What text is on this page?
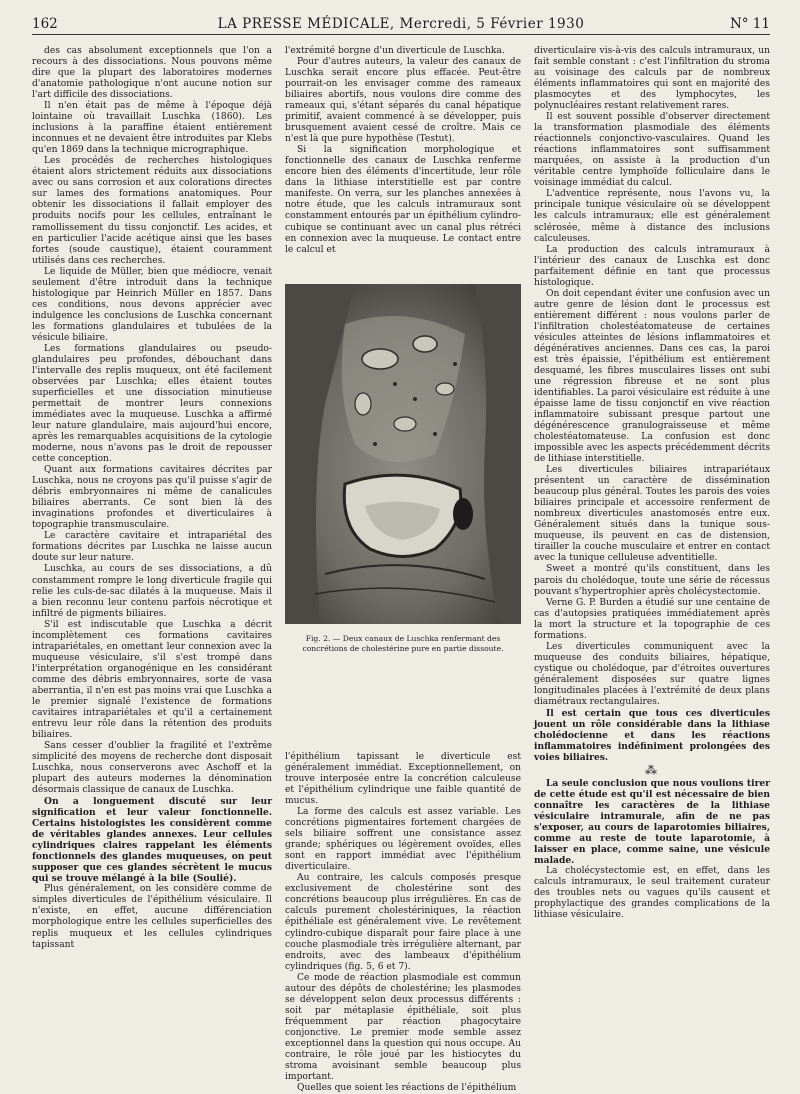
162	LA PRESSE MÉDICALE, Mercredi, 5 Février 1930	N° 11

des cas absolument exceptionnels que l'on a recours à des dissociations. Nous pouvons même dire que la plupart des laboratoires modernes d'anatomie pathologique n'ont aucune notion sur l'art difficile des dissociations.

Il n'en était pas de même à l'époque déjà lointaine où travaillait Luschka (1860). Les inclusions à la paraffine étaient entièrement inconnues et ne devaient être introduites par Klebs qu'en 1869 dans la technique micrographique.

Les procédés de recherches histologiques étaient alors strictement réduits aux dissociations avec ou sans corrosion et aux colorations directes sur lames des formations anatomiques. Pour obtenir les dissociations il fallait employer des produits nocifs pour les cellules, entraînant le ramollissement du tissu conjonctif. Les acides, et en particulier l'acide acétique ainsi que les bases fortes (soude caustique), étaient couramment utilisés dans ces recherches.

Le liquide de Müller, bien que médiocre, venait seulement d'être introduit dans la technique histologique par Heinrich Müller en 1857. Dans ces conditions, nous devons apprécier avec indulgence les conclusions de Luschka concernant les formations glandulaires et tubulées de la vésicule biliaire.

Les formations glandulaires ou pseudo-glandulaires peu profondes, débouchant dans l'intervalle des replis muqueux, ont été facilement observées par Luschka; elles étaient toutes superficielles et une dissociation minutieuse permettait de montrer leurs connexions immédiates avec la muqueuse. Luschka a affirmé leur nature glandulaire, mais aujourd'hui encore, après les remarquables acquisitions de la cytologie moderne, nous n'avons pas le droit de repousser cette conception.

Quant aux formations cavitaires décrites par Luschka, nous ne croyons pas qu'il puisse s'agir de débris embryonnaires ni même de canalicules biliaires aberrants. Ce sont bien là des invaginations profondes et diverticulaires à topographie transmusculaire.

Le caractère cavitaire et intrapariétal des formations décrites par Luschka ne laisse aucun doute sur leur nature.

Luschka, au cours de ses dissociations, a dû constamment rompre le long diverticule fragile qui relie les culs-de-sac dilatés à la muqueuse. Mais il a bien reconnu leur contenu parfois nécrotique et infiltré de pigments biliaires.

S'il est indiscutable que Luschka a décrit incomplètement ces formations cavitaires intrapariétales, en omettant leur connexion avec la muqueuse vésiculaire, s'il s'est trompé dans l'interprétation organogénique en les considérant comme des débris embryonnaires, sorte de vasa aberrantia, il n'en est pas moins vrai que Luschka a le premier signalé l'existence de formations cavitaires intrapariétales et qu'il a certainement entrevu leur rôle dans la rétention des produits biliaires.

Sans cesser d'oublier la fragilité et l'extrême simplicité des moyens de recherche dont disposait Luschka, nous conserverons avec Aschoff et la plupart des auteurs modernes la dénomination désormais classique de canaux de Luschka.

On a longuement discuté sur leur signification et leur valeur fonctionnelle. Certains histologistes les considèrent comme de véritables glandes annexes. Leur cellules cylindriques claires rappelant les éléments fonctionnels des glandes muqueuses, on peut supposer que ces glandes sécrètent le mucus qui se trouve mélangé à la bile (Soulié).

Plus généralement, on les considère comme de simples diverticules de l'épithélium vésiculaire. Il n'existe, en effet, aucune différenciation morphologique entre les cellules superficielles des replis muqueux et les cellules cylindriques tapissant

l'extrémité borgne d'un diverticule de Luschka.

Pour d'autres auteurs, la valeur des canaux de Luschka serait encore plus effacée. Peut-être pourrait-on les envisager comme des rameaux biliaires abortifs, nous voulons dire comme des rameaux qui, s'étant séparés du canal hépatique primitif, avaient commencé à se développer, puis brusquement avaient cessé de croître. Mais ce n'est là que pure hypothèse (Testut).

Si la signification morphologique et fonctionnelle des canaux de Luschka renferme encore bien des éléments d'incertitude, leur rôle dans la lithiase interstitielle est par contre manifeste. On verra, sur les planches annexées à notre étude, que les calculs intramuraux sont constamment entourés par un épithélium cylindro-cubique se continuant avec un canal plus rétréci en connexion avec la muqueuse. Le contact entre le calcul et

Fig. 2. — Deux canaux de Luschka renfermant des concrétions de cholestérine pure en partie dissoute.

l'épithélium tapissant le diverticule est généralement immédiat. Exceptionnellement, on trouve interposée entre la concrétion calculeuse et l'épithélium cylindrique une faible quantité de mucus.

La forme des calculs est assez variable. Les concrétions pigmentaires fortement chargées de sels biliaire soffrent une consistance assez grande; sphériques ou légèrement ovoïdes, elles sont en rapport immédiat avec l'épithélium diverticulaire.

Au contraire, les calculs composés presque exclusivement de cholestérine sont des concrétions beaucoup plus irrégulières. En cas de calculs purement cholestériniques, la réaction épithéliale est généralement vive. Le revêtement cylindro-cubique disparaît pour faire place à une couche plasmodiale très irrégulière alternant, par endroits, avec des lambeaux d'épithélium cylindriques (fig. 5, 6 et 7).

Ce mode de réaction plasmodiale est commun autour des dépôts de cholestérine; les plasmodes se développent selon deux processus différents : soit par métaplasie épithéliale, soit plus fréquemment par réaction phagocytaire conjonctive. Le premier mode semble assez exceptionnel dans la question qui nous occupe. Au contraire, le rôle joué par les histiocytes du stroma avoisinant semble beaucoup plus important.

Quelles que soient les réactions de l'épithélium

diverticulaire vis-à-vis des calculs intramuraux, un fait semble constant : c'est l'infiltration du stroma au voisinage des calculs par de nombreux éléments inflammatoires qui sont en majorité des plasmocytes et des lymphocytes, les polynucléaires restant relativement rares.

Il est souvent possible d'observer directement la transformation plasmodiale des éléments réactionnels conjonctivo-vasculaires. Quand les réactions inflammatoires sont suffisamment marquées, on assiste à la production d'un véritable centre lymphoïde folliculaire dans le voisinage immédiat du calcul.

L'adventice représente, nous l'avons vu, la principale tunique vésiculaire où se développent les calculs intramuraux; elle est généralement sclérosée, même à distance des inclusions calculeuses.

La production des calculs intramuraux à l'intérieur des canaux de Luschka est donc parfaitement définie en tant que processus histologique.

On doit cependant éviter une confusion avec un autre genre de lésion dont le processus est entièrement différent : nous voulons parler de l'infiltration cholestéatomateuse de certaines vésicules atteintes de lésions inflammatoires et dégénératives anciennes. Dans ces cas, la paroi est très épaissie, l'épithélium est entièrement desquamé, les fibres musculaires lisses ont subi une régression fibreuse et ne sont plus identifiables. La paroi vésiculaire est réduite à une épaisse lame de tissu conjonctif en vive réaction inflammatoire subissant presque partout une dégénérescence granulograisseuse et même cholestéatomateuse. La confusion est donc impossible avec les aspects précédemment décrits de lithiase interstitielle.

Les diverticules biliaires intrapariétaux présentent un caractère de dissémination beaucoup plus général. Toutes les parois des voies biliaires principale et accessoire renferment de nombreux diverticules anastomosés entre eux. Généralement situés dans la tunique sous-muqueuse, ils peuvent en cas de distension, tirailler la couche musculaire et entrer en contact avec la tunique celluleuse adventitielle.

Sweet a montré qu'ils constituent, dans les parois du cholédoque, toute une série de récessus pouvant s'hypertrophier après cholécystectomie.

Verne G. P. Burden a étudié sur une centaine de cas d'autopsies pratiquées immédiatement après la mort la structure et la topographie de ces formations.

Les diverticules communiquent avec la muqueuse des conduits biliaires, hépatique, cystique ou cholédoque, par d'étroites ouvertures généralement disposées sur quatre lignes longitudinales placées à l'extrémité de deux plans diamétraux rectangulaires.

Il est certain que tous ces diverticules jouent un rôle considérable dans la lithiase cholédocienne et dans les réactions inflammatoires indéfiniment prolongées des voies biliaires.

⁂

La seule conclusion que nous voulions tirer de cette étude est qu'il est nécessaire de bien connaître les caractères de la lithiase vésiculaire intramurale, afin de ne pas s'exposer, au cours de laparotomies biliaires, comme au reste de toute laparotomie, à laisser en place, comme saine, une vésicule malade.

La cholécystectomie est, en effet, dans les calculs intramuraux, le seul traitement curateur des troubles nets ou vagues qu'ils causent et prophylactique des grandes complications de la lithiase vésiculaire.
